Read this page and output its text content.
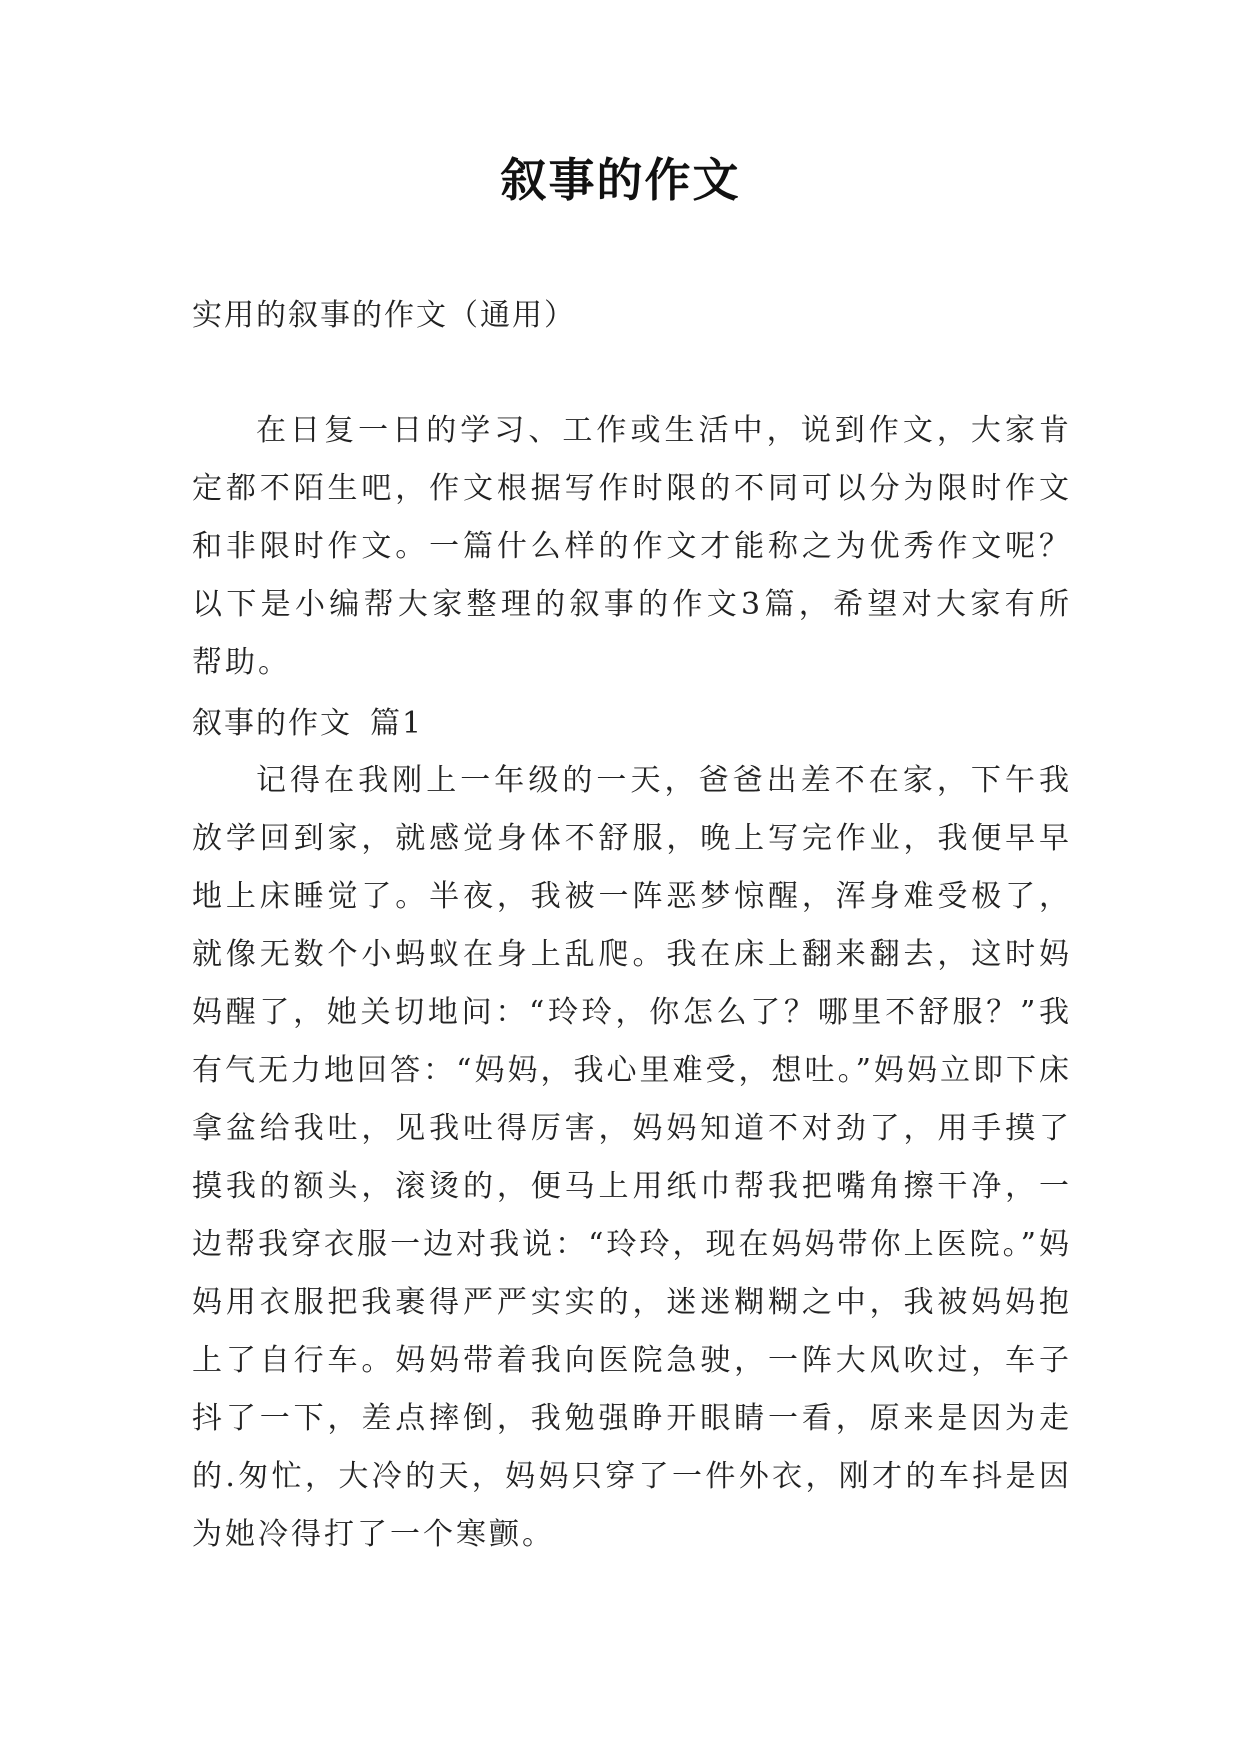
叙事的作文
实用的叙事的作文（通用）

在日复一日的学习、工作或生活中，说到作文，大家肯定都不陌生吧，作文根据写作时限的不同可以分为限时作文和非限时作文。一篇什么样的作文才能称之为优秀作文呢？以下是小编帮大家整理的叙事的作文3篇，希望对大家有所帮助。

叙事的作文 篇1

记得在我刚上一年级的一天，爸爸出差不在家，下午我放学回到家，就感觉身体不舒服，晚上写完作业，我便早早地上床睡觉了。半夜，我被一阵恶梦惊醒，浑身难受极了，就像无数个小蚂蚁在身上乱爬。我在床上翻来翻去，这时妈妈醒了，她关切地问：“玲玲，你怎么了？哪里不舒服？”我有气无力地回答：“妈妈，我心里难受，想吐。”妈妈立即下床拿盆给我吐，见我吐得厉害，妈妈知道不对劲了，用手摸了摸我的额头，滚烫的，便马上用纸巾帮我把嘴角擦干净，一边帮我穿衣服一边对我说：“玲玲，现在妈妈带你上医院。”妈妈用衣服把我裹得严严实实的，迷迷糊糊之中，我被妈妈抱上了自行车。妈妈带着我向医院急驶，一阵大风吹过，车子抖了一下，差点摔倒，我勉强睁开眼睛一看，原来是因为走的.匆忙，大冷的天，妈妈只穿了一件外衣，刚才的车抖是因为她冷得打了一个寒颤。
